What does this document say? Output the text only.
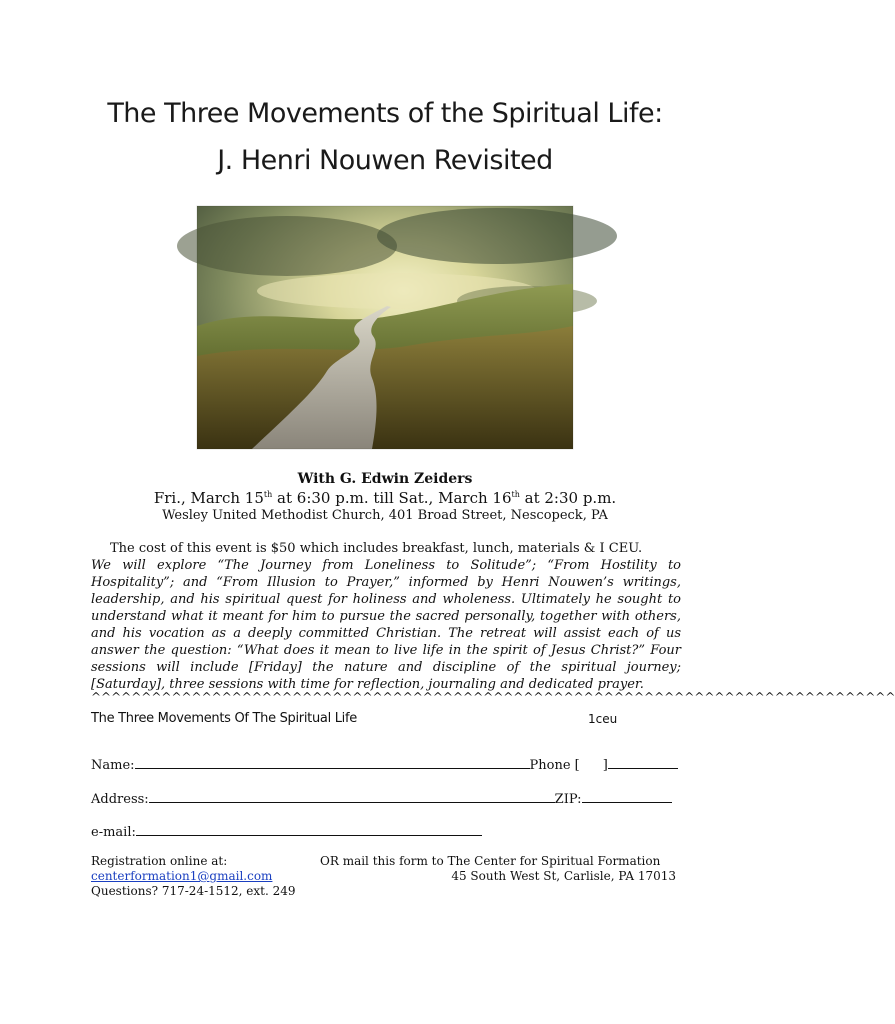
The Three Movements of the Spiritual Life:
J. Henri Nouwen Revisited
With G. Edwin Zeiders
Fri., March 15th at 6:30 p.m. till Sat., March 16th at 2:30 p.m.
Wesley United Methodist Church, 401 Broad Street, Nescopeck, PA
The cost of this event is $50 which includes breakfast, lunch, materials & I CEU.

We will explore “The Journey from Loneliness to Solitude”; “From Hostility to Hospitality”; and “From Illusion to Prayer,” informed by Henri Nouwen’s writings, leadership, and his spiritual quest for holiness and wholeness. Ultimately he sought to understand what it meant for him to pursue the sacred personally, together with others, and his vocation as a deeply committed Christian. The retreat will assist each of us answer the question: “What does it mean to live life in the spirit of Jesus Christ?” Four sessions will include [Friday] the nature and discipline of the spiritual journey; [Saturday], three sessions with time for reflection, journaling and dedicated prayer.

^^^^^^^^^^^^^^^^^^^^^^^^^^^^^^^^^^^^^^^^^^^^^^^^^^^^^^^^^^^^^^^^^^^^^^^^^^^^^^^^
The Three Movements Of The Spiritual Life	1ceu
Name:	Phone [ ]
Address:	ZIP:
e-mail:
Registration online at:
centerformation1@gmail.com
Questions? 717-24-1512, ext. 249
OR mail this form to The Center for Spiritual Formation
45 South West St, Carlisle, PA 17013
